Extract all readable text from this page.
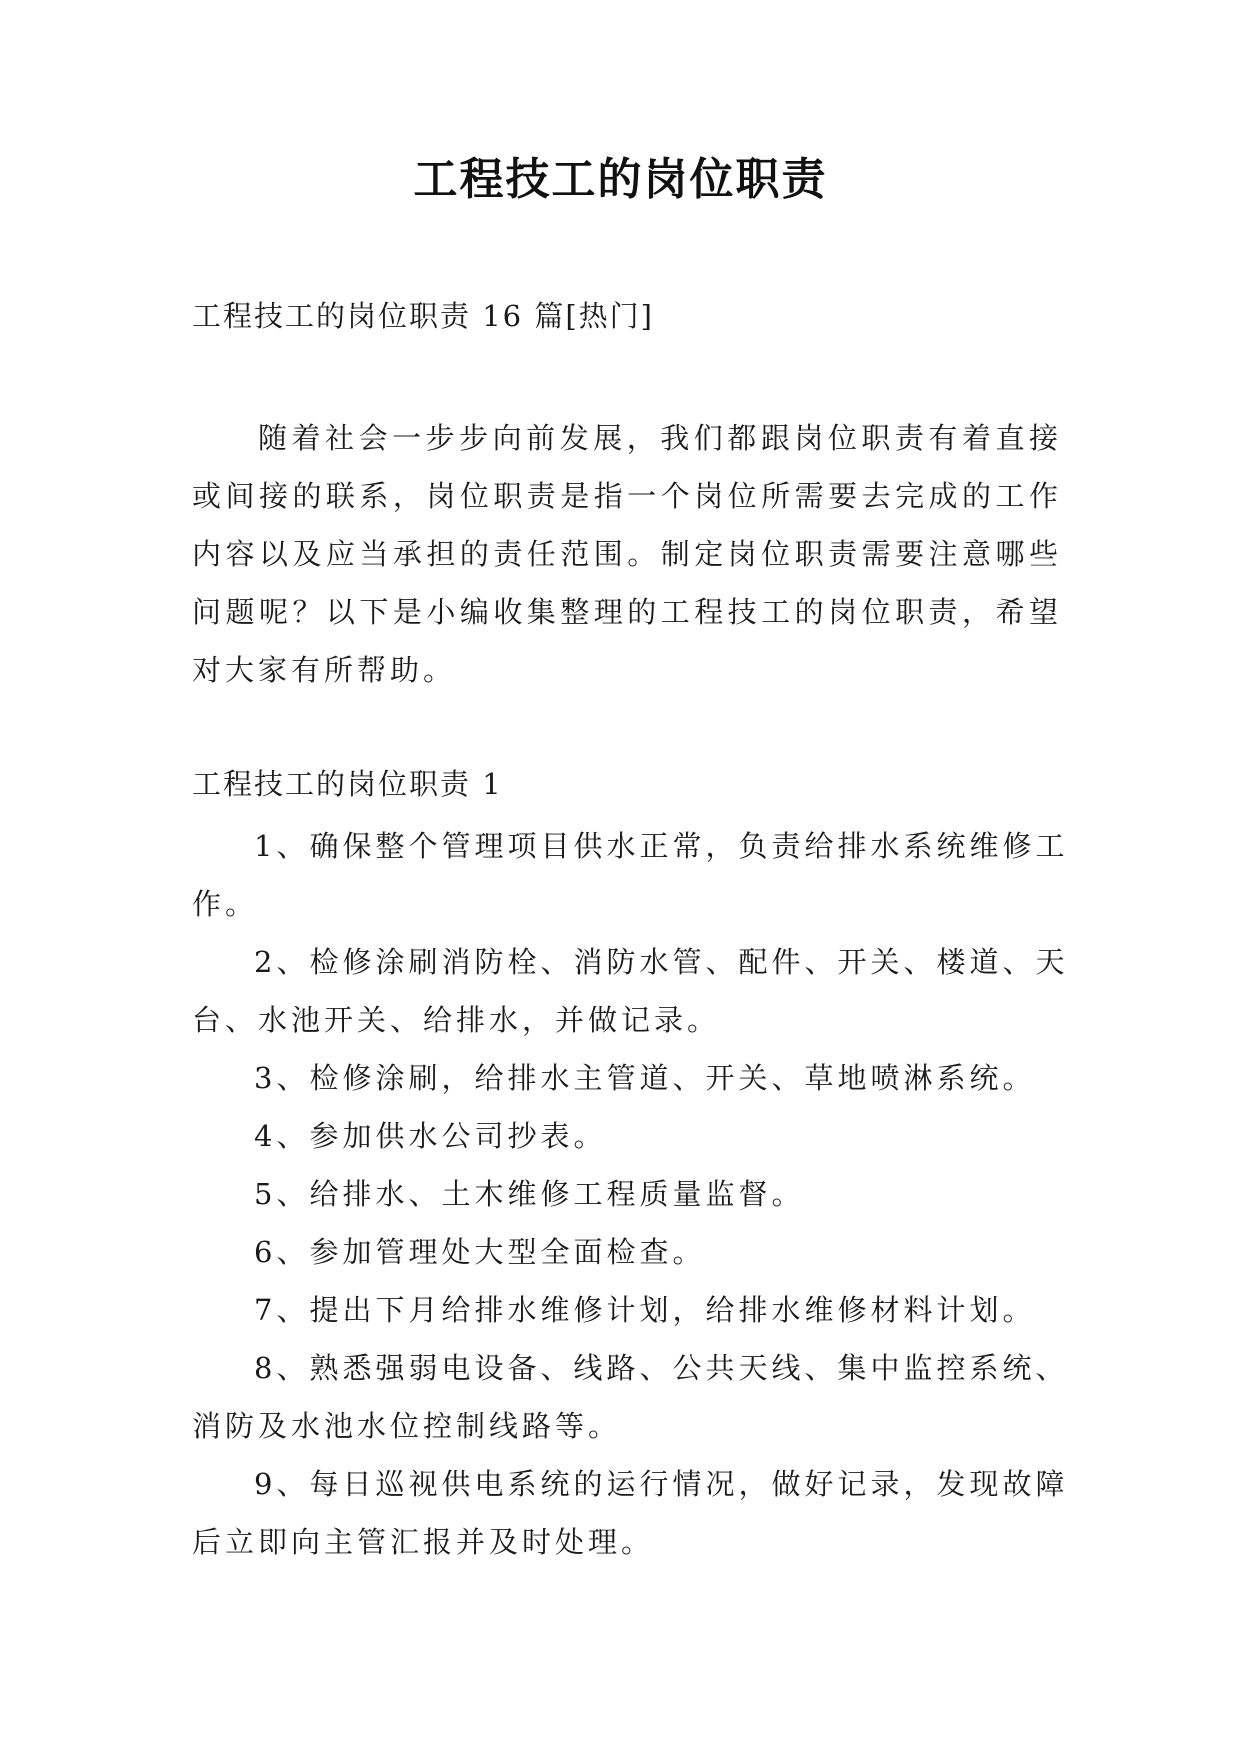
工程技工的岗位职责
工程技工的岗位职责 16 篇[热门]

随着社会一步步向前发展，我们都跟岗位职责有着直接或间接的联系，岗位职责是指一个岗位所需要去完成的工作内容以及应当承担的责任范围。制定岗位职责需要注意哪些问题呢？以下是小编收集整理的工程技工的岗位职责，希望对大家有所帮助。

工程技工的岗位职责 1

1、确保整个管理项目供水正常，负责给排水系统维修工作。

2、检修涂刷消防栓、消防水管、配件、开关、楼道、天台、水池开关、给排水，并做记录。

3、检修涂刷，给排水主管道、开关、草地喷淋系统。

4、参加供水公司抄表。

5、给排水、土木维修工程质量监督。

6、参加管理处大型全面检查。

7、提出下月给排水维修计划，给排水维修材料计划。

8、熟悉强弱电设备、线路、公共天线、集中监控系统、消防及水池水位控制线路等。

9、每日巡视供电系统的运行情况，做好记录，发现故障后立即向主管汇报并及时处理。
